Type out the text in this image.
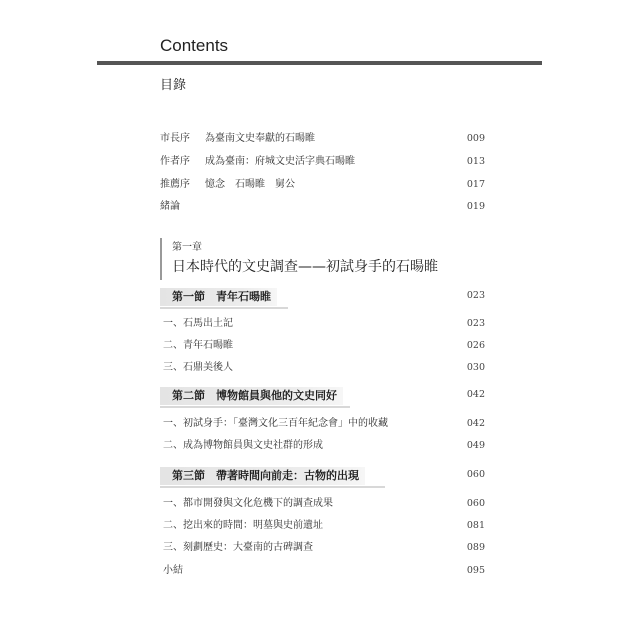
Contents
目錄
市長序 為臺南文史奉獻的石暘睢	009
作者序 成為臺南：府城文史活字典石暘睢	013
推薦序 憶念　石暘睢　舅公	017
緒論	019
第一章
日本時代的文史調查——初試身手的石暘睢
第一節　青年石暘睢	023
一、石馬出土記	023
二、青年石暘睢	026
三、石鼎美後人	030
第二節　博物館員與他的文史同好	042
一、初試身手：「臺灣文化三百年紀念會」中的收藏	042
二、成為博物館員與文史社群的形成	049
第三節　帶著時間向前走：古物的出現	060
一、都市開發與文化危機下的調查成果	060
二、挖出來的時間：明墓與史前遺址	081
三、刻劃歷史：大臺南的古碑調查	089
小結	095
